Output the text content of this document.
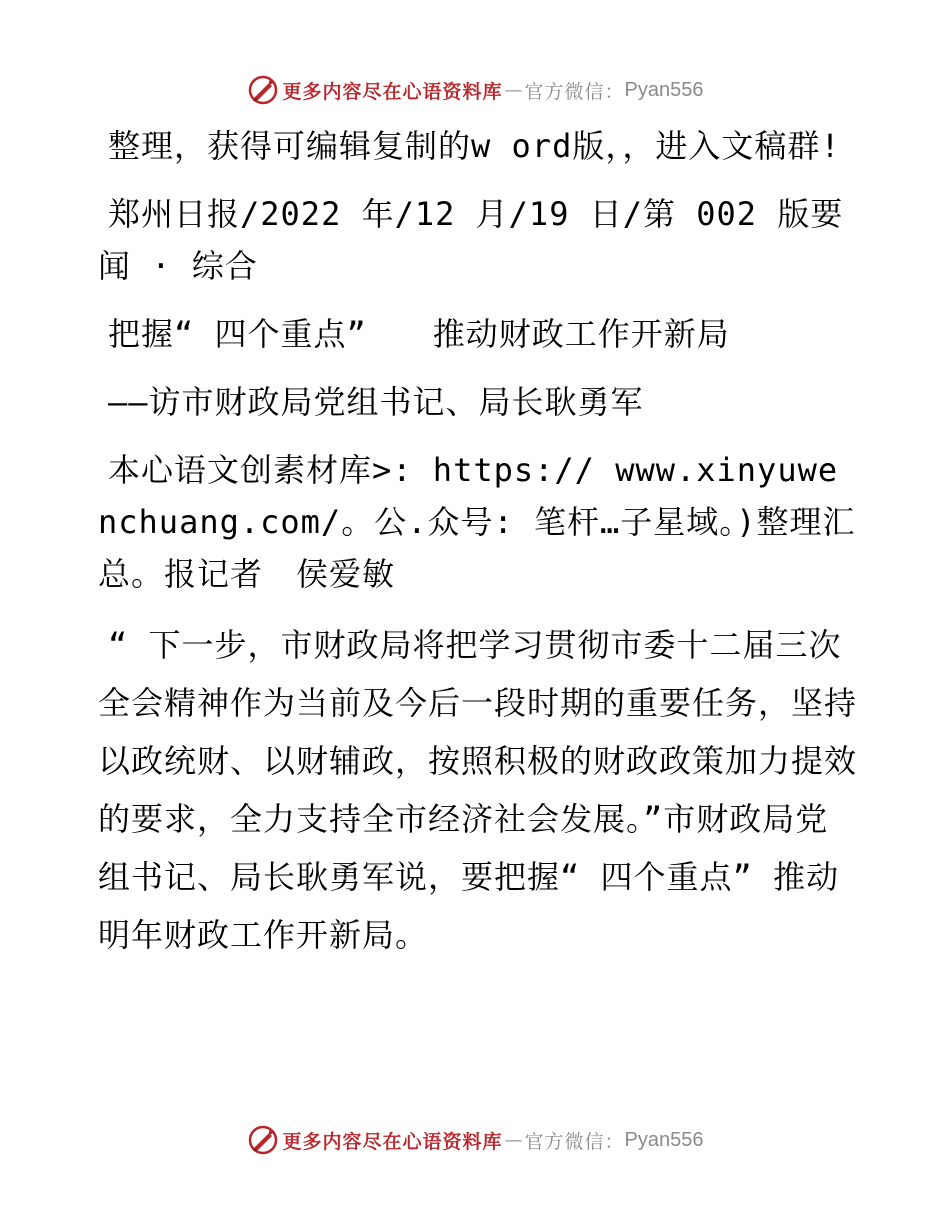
更多内容尽在心语资料库 — 官方微信： Pyan556

整理，获得可编辑复制的w ord版，，进入文稿群!

郑州日报/2022 年/12 月/19 日/第 002 版要闻 · 综合

把握“ 四个重点”　　推动财政工作开新局

——访市财政局党组书记、局长耿勇军

本心语文创素材库>: https:// www.xinyuwenchuang.com/。公.众号: 笔杆…子星域。)整理汇总。报记者　侯爱敏

“ 下一步，市财政局将把学习贯彻市委十二届三次全会精神作为当前及今后一段时期的重要任务，坚持以政统财、以财辅政，按照积极的财政政策加力提效的要求，全力支持全市经济社会发展。”市财政局党组书记、局长耿勇军说，要把握“ 四个重点” 推动明年财政工作开新局。

更多内容尽在心语资料库 — 官方微信： Pyan556
